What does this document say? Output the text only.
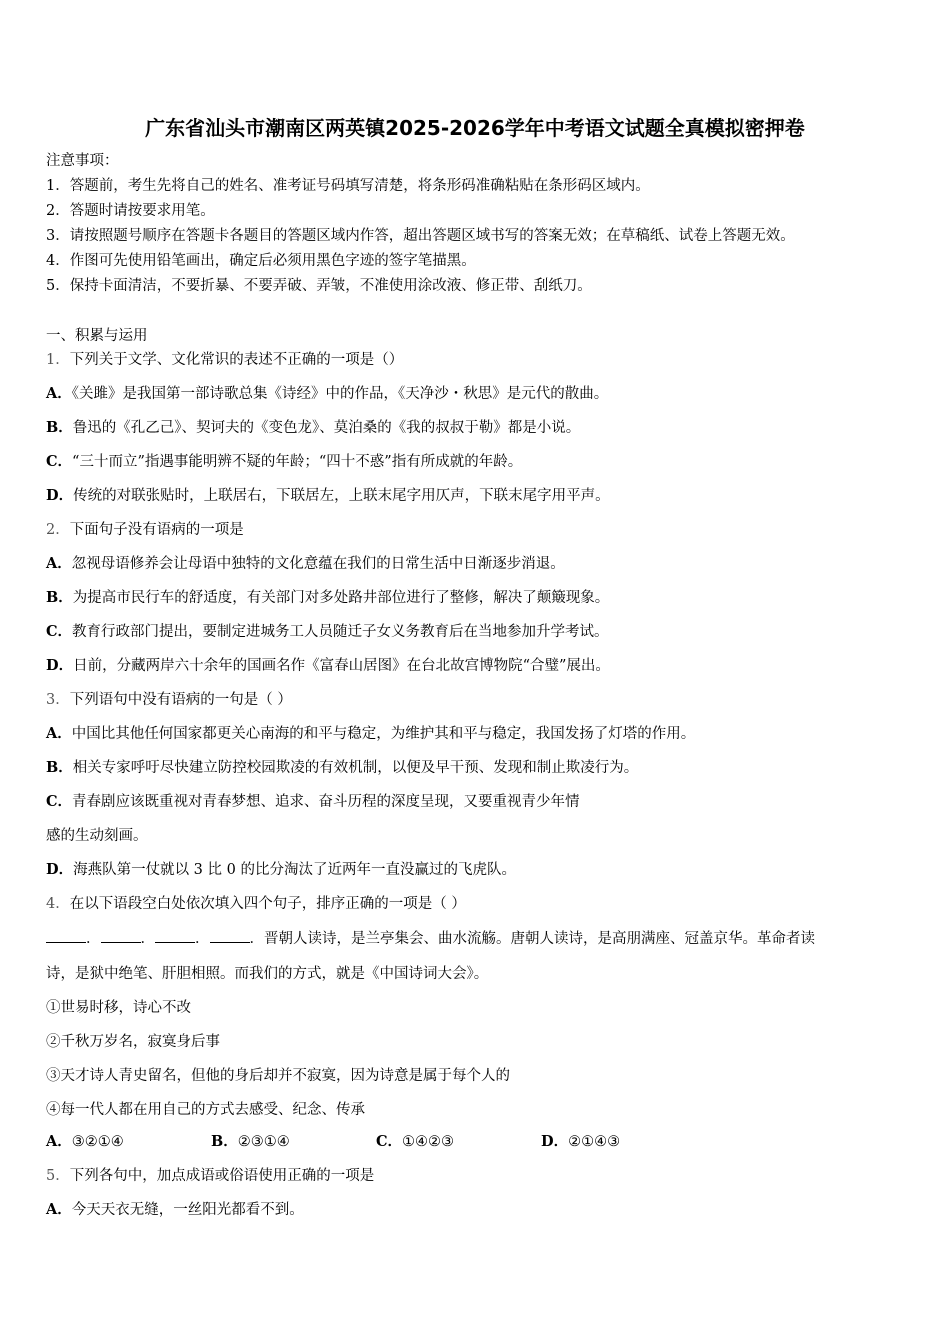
广东省汕头市潮南区两英镇2025-2026学年中考语文试题全真模拟密押卷
注意事项：
1．答题前，考生先将自己的姓名、准考证号码填写清楚，将条形码准确粘贴在条形码区域内。
2．答题时请按要求用笔。
3．请按照题号顺序在答题卡各题目的答题区域内作答，超出答题区域书写的答案无效；在草稿纸、试卷上答题无效。
4．作图可先使用铅笔画出，确定后必须用黑色字迹的签字笔描黑。
5．保持卡面清洁，不要折暴、不要弄破、弄皱，不准使用涂改液、修正带、刮纸刀。
一、积累与运用
1．下列关于文学、文化常识的表述不正确的一项是（）
A．《关雎》是我国第一部诗歌总集《诗经》中的作品，《天净沙・秋思》是元代的散曲。
B．鲁迅的《孔乙己》、契诃夫的《变色龙》、莫泊桑的《我的叔叔于勒》都是小说。
C．“三十而立”指遇事能明辨不疑的年龄；“四十不惑”指有所成就的年龄。
D．传统的对联张贴时，上联居右，下联居左，上联末尾字用仄声，下联末尾字用平声。
2．下面句子没有语病的一项是
A．忽视母语修养会让母语中独特的文化意蕴在我们的日常生活中日渐逐步消退。
B．为提高市民行车的舒适度，有关部门对多处路井部位进行了整修，解决了颠簸现象。
C．教育行政部门提出，要制定进城务工人员随迁子女义务教育后在当地参加升学考试。
D．日前，分藏两岸六十余年的国画名作《富春山居图》在台北故宫博物院“合璧”展出。
3．下列语句中没有语病的一句是（ ）
A．中国比其他任何国家都更关心南海的和平与稳定，为维护其和平与稳定，我国发扬了灯塔的作用。
B．相关专家呼吁尽快建立防控校园欺凌的有效机制，以便及早干预、发现和制止欺凌行为。
C．青春剧应该既重视对青春梦想、追求、奋斗历程的深度呈现，又要重视青少年情
感的生动刻画。
D．海燕队第一仗就以 3 比 0 的比分淘汰了近两年一直没赢过的飞虎队。
4．在以下语段空白处依次填入四个句子，排序正确的一项是（ ）
．	．	．	．晋朝人读诗，是兰亭集会、曲水流觞。唐朝人读诗，是高朋满座、冠盖京华。革命者读
诗，是狱中绝笔、肝胆相照。而我们的方式，就是《中国诗词大会》。
①世易时移，诗心不改
②千秋万岁名，寂寞身后事
③天才诗人青史留名，但他的身后却并不寂寞，因为诗意是属于每个人的
④每一代人都在用自己的方式去感受、纪念、传承
A．③②①④	B．②③①④	C．①④②③	D．②①④③
5．下列各句中，加点成语或俗语使用正确的一项是
A．今天天衣无缝，一丝阳光都看不到。
